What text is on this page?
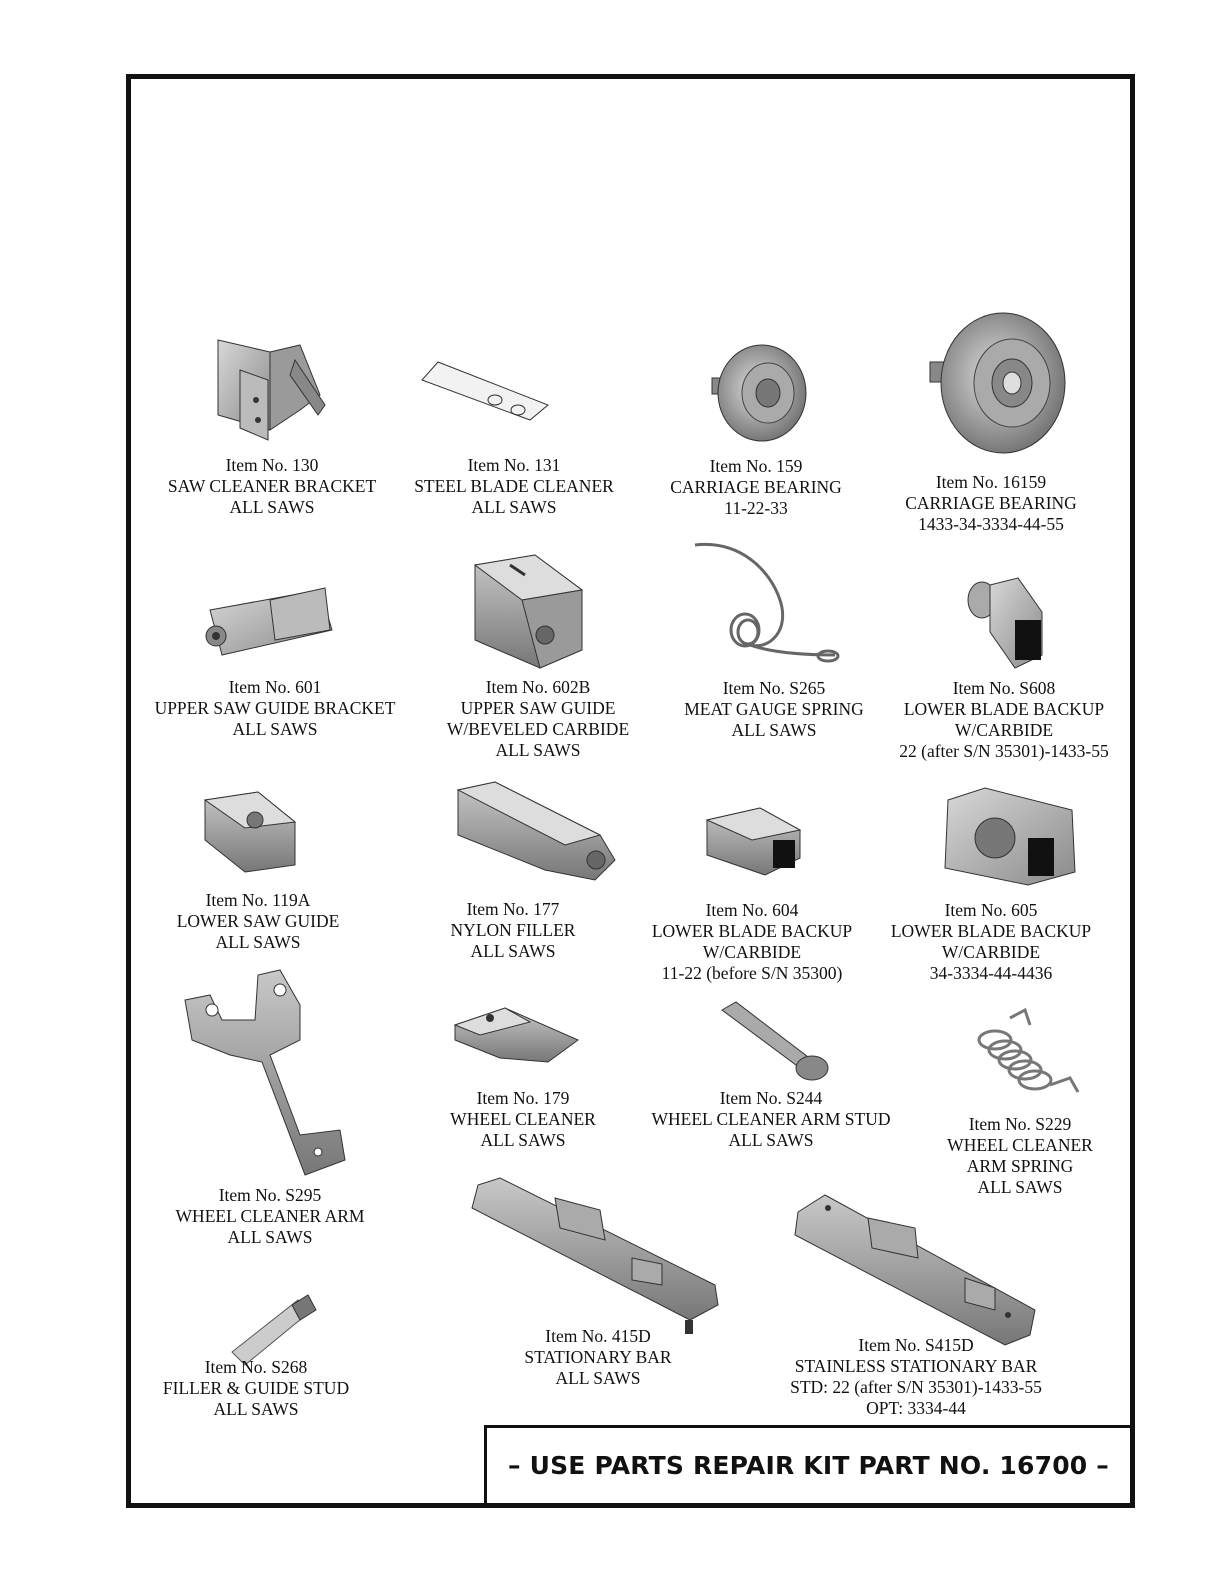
Item No. 130
SAW CLEANER BRACKET
ALL SAWS
Item No. 131
STEEL BLADE CLEANER
ALL SAWS
Item No. 159
CARRIAGE BEARING
11-22-33
Item No. 16159
CARRIAGE BEARING
1433-34-3334-44-55
Item No. 601
UPPER SAW GUIDE BRACKET
ALL SAWS
Item No. 602B
UPPER SAW GUIDE
W/BEVELED CARBIDE
ALL SAWS
Item No. S265
MEAT GAUGE SPRING
ALL SAWS
Item No. S608
LOWER BLADE BACKUP
W/CARBIDE
22 (after S/N 35301)-1433-55
Item No. 119A
LOWER SAW GUIDE
ALL SAWS
Item No. 177
NYLON FILLER
ALL SAWS
Item No. 604
LOWER BLADE BACKUP
W/CARBIDE
11-22 (before S/N 35300)
Item No. 605
LOWER BLADE BACKUP
W/CARBIDE
34-3334-44-4436
Item No. 179
WHEEL CLEANER
ALL SAWS
Item No. S244
WHEEL CLEANER ARM STUD
ALL SAWS
Item No. S229
WHEEL CLEANER
ARM SPRING
ALL SAWS
Item No. S295
WHEEL CLEANER ARM
ALL SAWS
Item No. 415D
STATIONARY BAR
ALL SAWS
Item No. S268
FILLER & GUIDE STUD
ALL SAWS
Item No. S415D
STAINLESS STATIONARY BAR
STD: 22 (after S/N 35301)-1433-55
OPT: 3334-44
– USE PARTS REPAIR KIT PART NO. 16700 –
